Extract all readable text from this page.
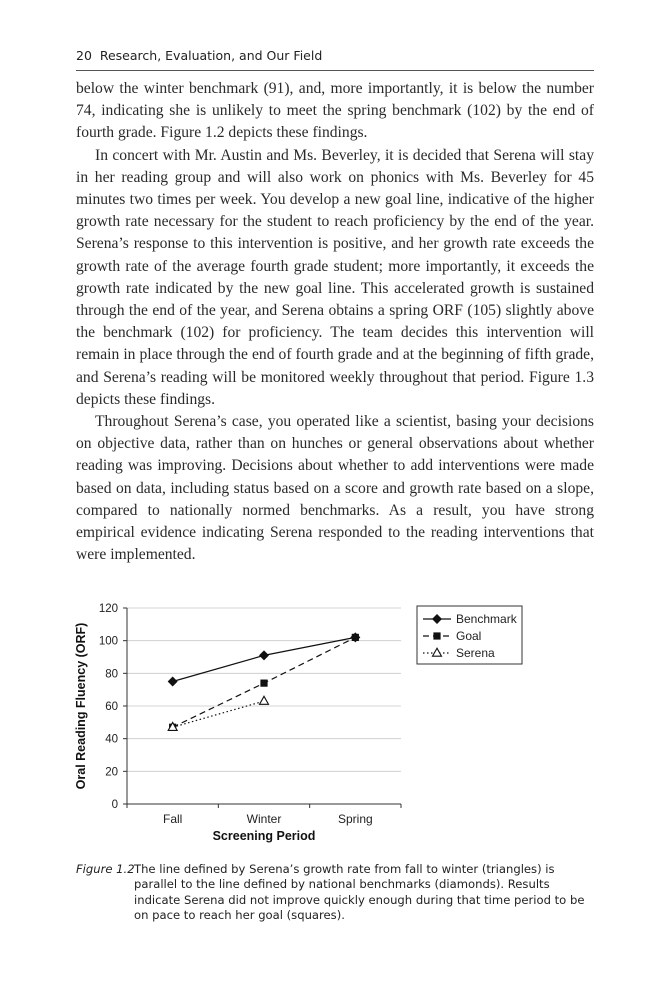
20 Research, Evaluation, and Our Field

below the winter benchmark (91), and, more importantly, it is below the number 74, indicating she is unlikely to meet the spring benchmark (102) by the end of fourth grade. Figure 1.2 depicts these findings.

In concert with Mr. Austin and Ms. Beverley, it is decided that Serena will stay in her reading group and will also work on phonics with Ms. Beverley for 45 minutes two times per week. You develop a new goal line, indicative of the higher growth rate necessary for the student to reach proficiency by the end of the year. Serena’s response to this intervention is positive, and her growth rate exceeds the growth rate of the average fourth grade student; more importantly, it exceeds the growth rate indicated by the new goal line. This accelerated growth is sustained through the end of the year, and Serena obtains a spring ORF (105) slightly above the benchmark (102) for proficiency. The team decides this intervention will remain in place through the end of fourth grade and at the beginning of fifth grade, and Serena’s reading will be monitored weekly throughout that period. Figure 1.3 depicts these findings.

Throughout Serena’s case, you operated like a scientist, basing your decisions on objective data, rather than on hunches or general observations about whether reading was improving. Decisions about whether to add interventions were made based on data, including status based on a score and growth rate based on a slope, compared to nationally normed benchmarks. As a result, you have strong empirical evidence indicating Serena responded to the reading interventions that were implemented.

0
20
40
60
80
100
120
Fall	Winter	Spring
Screening Period
Oral Reading Fluency (ORF)
Benchmark
Goal
Serena
Figure 1.2 The line defined by Serena’s growth rate from fall to winter (triangles) is parallel to the line defined by national benchmarks (diamonds). Results indicate Serena did not improve quickly enough during that time period to be on pace to reach her goal (squares).
